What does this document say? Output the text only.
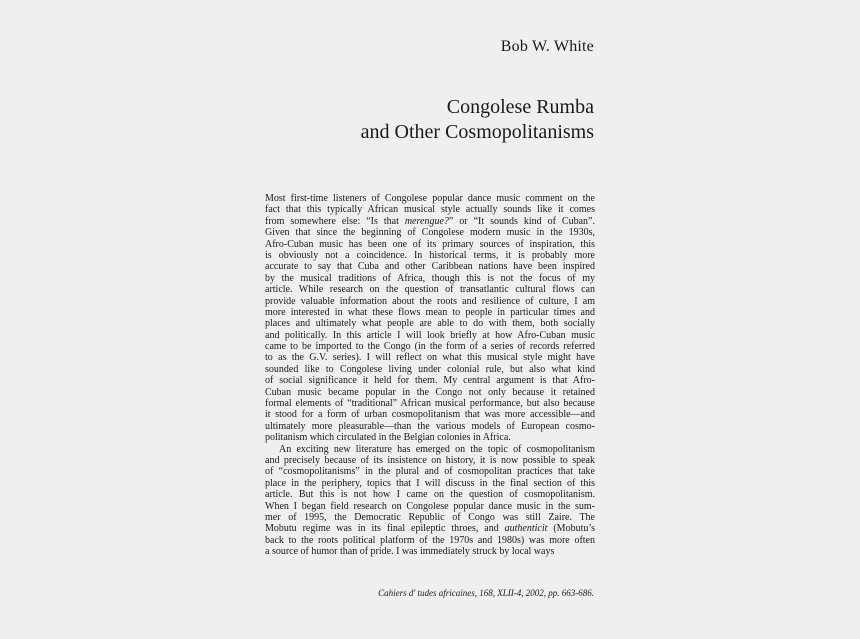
Bob W. White
Congolese Rumba
and Other Cosmopolitanisms
Most first-time listeners of Congolese popular dance music comment on the
fact that this typically African musical style actually sounds like it comes
from somewhere else: “Is that merengue?” or “It sounds kind of Cuban”.
Given that since the beginning of Congolese modern music in the 1930s,
Afro-Cuban music has been one of its primary sources of inspiration, this
is obviously not a coincidence. In historical terms, it is probably more
accurate to say that Cuba and other Caribbean nations have been inspired
by the musical traditions of Africa, though this is not the focus of my
article. While research on the question of transatlantic cultural flows can
provide valuable information about the roots and resilience of culture, I am
more interested in what these flows mean to people in particular times and
places and ultimately what people are able to do with them, both socially
and politically. In this article I will look briefly at how Afro-Cuban music
came to be imported to the Congo (in the form of a series of records referred
to as the G.V. series). I will reflect on what this musical style might have
sounded like to Congolese living under colonial rule, but also what kind
of social significance it held for them. My central argument is that Afro-
Cuban music became popular in the Congo not only because it retained
formal elements of “traditional” African musical performance, but also because
it stood for a form of urban cosmopolitanism that was more accessible—and
ultimately more pleasurable—than the various models of European cosmo-
politanism which circulated in the Belgian colonies in Africa.
An exciting new literature has emerged on the topic of cosmopolitanism
and precisely because of its insistence on history, it is now possible to speak
of “cosmopolitanisms” in the plural and of cosmopolitan practices that take
place in the periphery, topics that I will discuss in the final section of this
article. But this is not how I came on the question of cosmopolitanism.
When I began field research on Congolese popular dance music in the sum-
mer of 1995, the Democratic Republic of Congo was still Zaire. The
Mobutu regime was in its final epileptic throes, and authenticit (Mobutu’s
back to the roots political platform of the 1970s and 1980s) was more often
a source of humor than of pride. I was immediately struck by local ways
Cahiers d' tudes africaines, 168, XLII-4, 2002, pp. 663-686.
